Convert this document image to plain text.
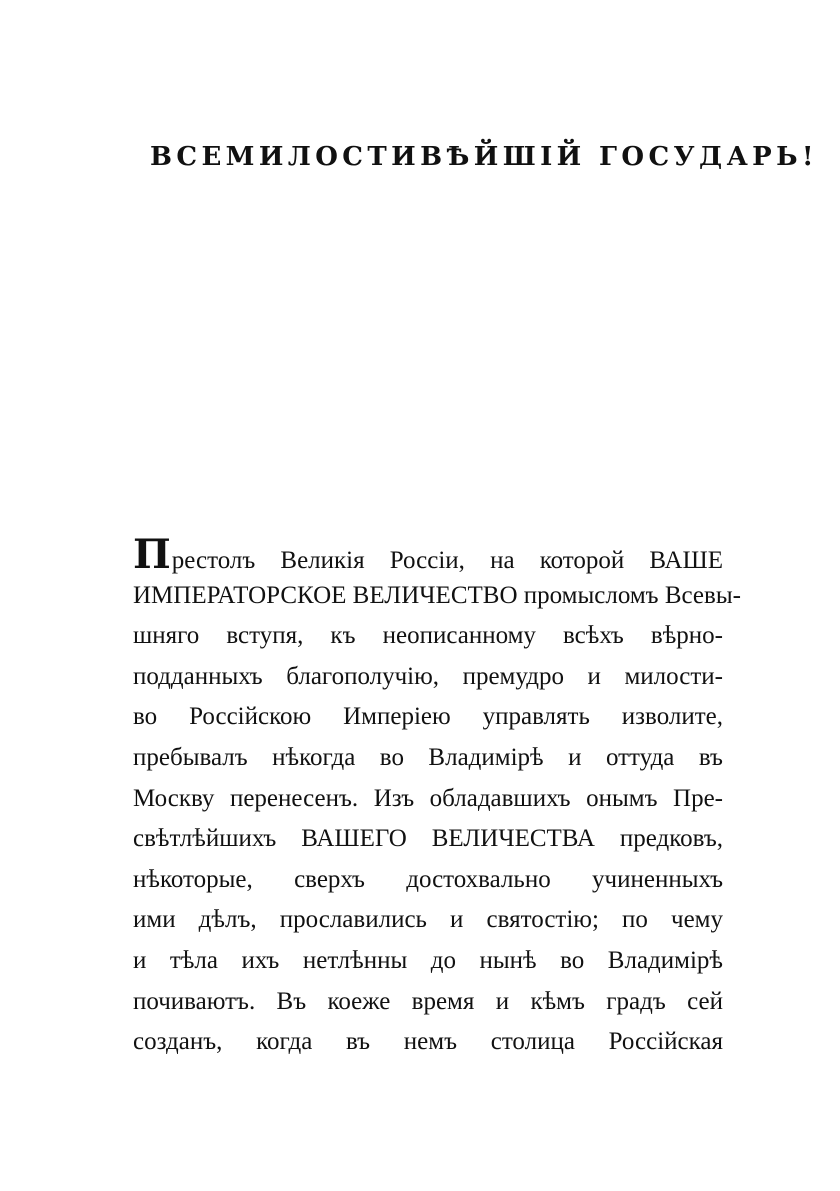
ВСЕМИЛОСТИВѢЙШІЙ ГОСУДАРЬ!
П рестолъ Великія Россіи, на которой ВАШЕ
ИМПЕРАТОРСКОЕ ВЕЛИЧЕСТВО промысломъ Всевы-
шняго вступя, къ неописанному всѣхъ вѣрно-
подданныхъ благополучію, премудро и милости-
во Россійскою Имперіею управлять изволите,
пребывалъ нѣкогда во Владимірѣ и оттуда въ
Москву перенесенъ. Изъ обладавшихъ онымъ Пре-
свѣтлѣйшихъ ВАШЕГО ВЕЛИЧЕСТВА предковъ,
нѣкоторые, сверхъ достохвально учиненныхъ
ими дѣлъ, прославились и святостію; по чему
и тѣла ихъ нетлѣнны до нынѣ во Владимірѣ
почиваютъ. Въ коеже время и кѣмъ градъ сей
созданъ, когда въ немъ столица Россійская
